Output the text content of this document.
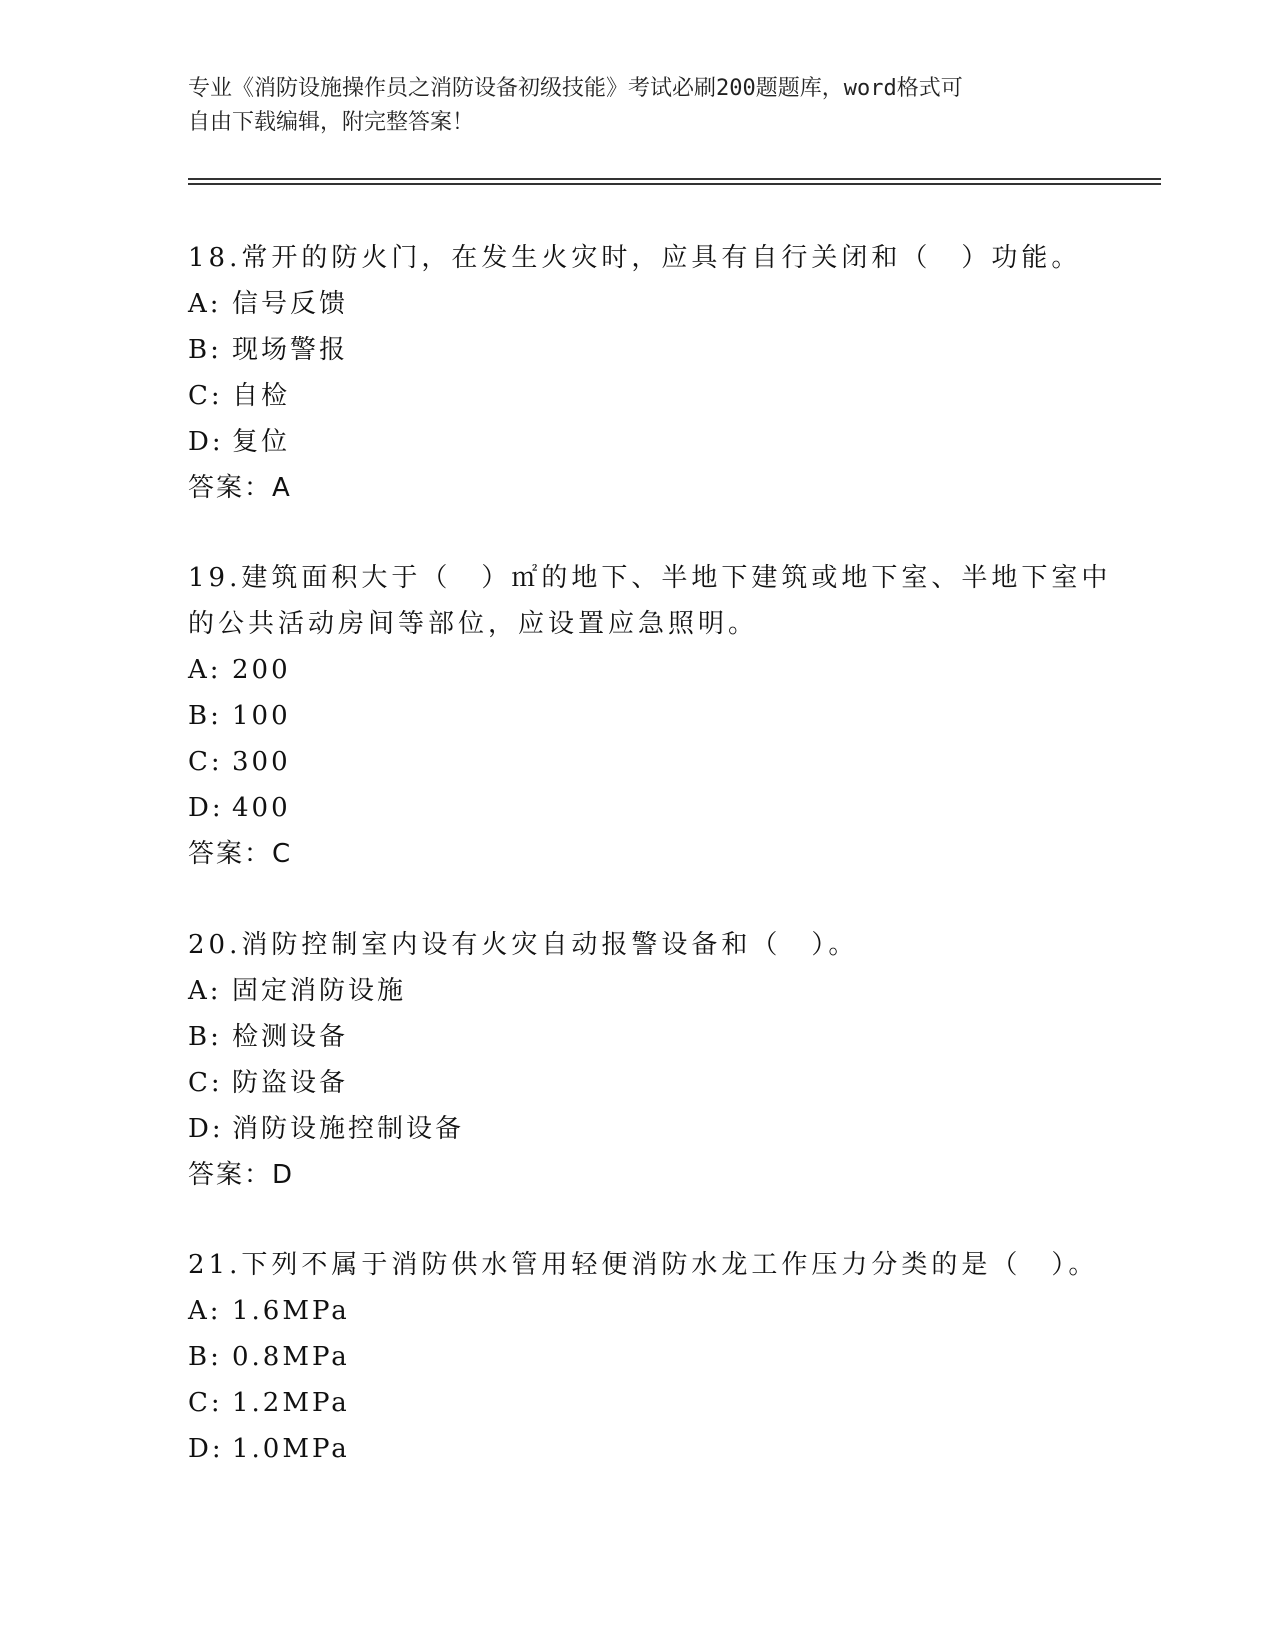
专业《消防设施操作员之消防设备初级技能》考试必刷200题题库，word格式可
自由下载编辑，附完整答案！
18.常开的防火门，在发生火灾时，应具有自行关闭和（　）功能。
A: 信号反馈
B: 现场警报
C: 自检
D: 复位
答案：A
19.建筑面积大于（　）㎡的地下、半地下建筑或地下室、半地下室中
的公共活动房间等部位，应设置应急照明。
A: 200
B: 100
C: 300
D: 400
答案：C
20.消防控制室内设有火灾自动报警设备和（　）。
A: 固定消防设施
B: 检测设备
C: 防盗设备
D: 消防设施控制设备
答案：D
21.下列不属于消防供水管用轻便消防水龙工作压力分类的是（　）。
A: 1.6MPa
B: 0.8MPa
C: 1.2MPa
D: 1.0MPa
